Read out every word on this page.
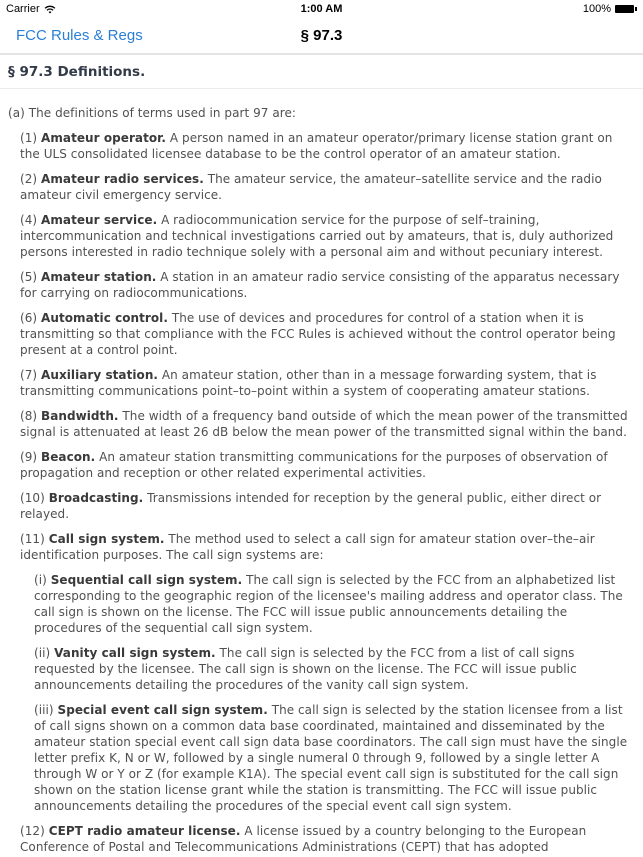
Carrier	1:00 AM	100%
FCC Rules & Regs	§ 97.3
§ 97.3 Definitions.

(a) The definitions of terms used in part 97 are:

(1) Amateur operator. A person named in an amateur operator/primary license station grant on the ULS consolidated licensee database to be the control operator of an amateur station.

(2) Amateur radio services. The amateur service, the amateur–satellite service and the radio amateur civil emergency service.

(4) Amateur service. A radiocommunication service for the purpose of self–training, intercommunication and technical investigations carried out by amateurs, that is, duly authorized persons interested in radio technique solely with a personal aim and without pecuniary interest.

(5) Amateur station. A station in an amateur radio service consisting of the apparatus necessary for carrying on radiocommunications.

(6) Automatic control. The use of devices and procedures for control of a station when it is transmitting so that compliance with the FCC Rules is achieved without the control operator being present at a control point.

(7) Auxiliary station. An amateur station, other than in a message forwarding system, that is transmitting communications point–to–point within a system of cooperating amateur stations.

(8) Bandwidth. The width of a frequency band outside of which the mean power of the transmitted signal is attenuated at least 26 dB below the mean power of the transmitted signal within the band.

(9) Beacon. An amateur station transmitting communications for the purposes of observation of propagation and reception or other related experimental activities.

(10) Broadcasting. Transmissions intended for reception by the general public, either direct or relayed.

(11) Call sign system. The method used to select a call sign for amateur station over–the–air identification purposes. The call sign systems are:

(i) Sequential call sign system. The call sign is selected by the FCC from an alphabetized list corresponding to the geographic region of the licensee's mailing address and operator class. The call sign is shown on the license. The FCC will issue public announcements detailing the procedures of the sequential call sign system.

(ii) Vanity call sign system. The call sign is selected by the FCC from a list of call signs requested by the licensee. The call sign is shown on the license. The FCC will issue public announcements detailing the procedures of the vanity call sign system.

(iii) Special event call sign system. The call sign is selected by the station licensee from a list of call signs shown on a common data base coordinated, maintained and disseminated by the amateur station special event call sign data base coordinators. The call sign must have the single letter prefix K, N or W, followed by a single numeral 0 through 9, followed by a single letter A through W or Y or Z (for example K1A). The special event call sign is substituted for the call sign shown on the station license grant while the station is transmitting. The FCC will issue public announcements detailing the procedures of the special event call sign system.

(12) CEPT radio amateur license. A license issued by a country belonging to the European Conference of Postal and Telecommunications Administrations (CEPT) that has adopted
